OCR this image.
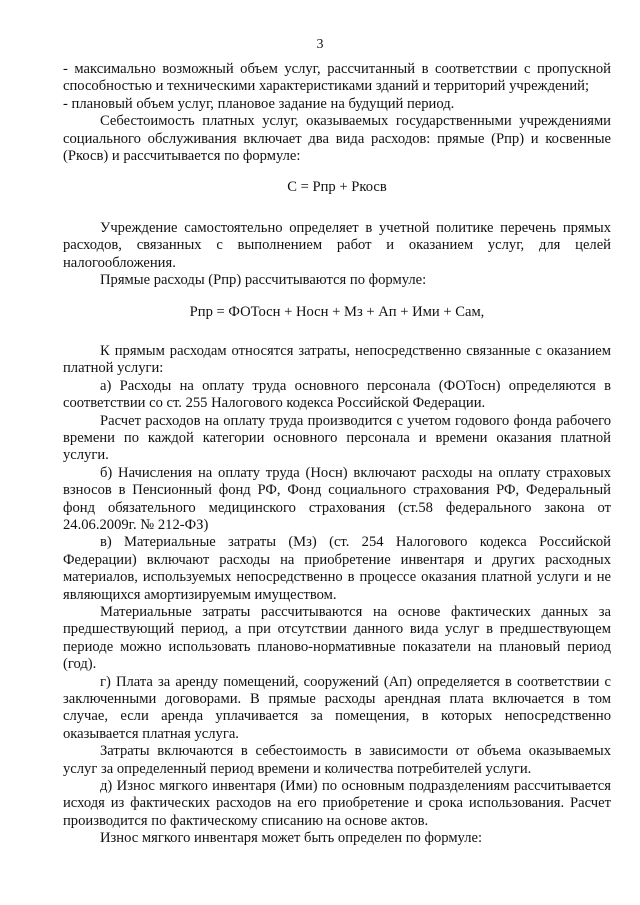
3

- максимально возможный объем услуг, рассчитанный в соответствии с пропускной способностью и техническими характеристиками зданий и территорий учреждений;

- плановый объем услуг, плановое задание на будущий период.

Себестоимость платных услуг, оказываемых государственными учреждениями социального обслуживания включает два вида расходов: прямые (Рпр) и косвенные (Ркосв) и рассчитывается по формуле:

С = Рпр + Ркосв

Учреждение самостоятельно определяет в учетной политике перечень прямых расходов, связанных с выполнением работ и оказанием услуг, для целей налогообложения.

Прямые расходы (Рпр) рассчитываются по формуле:

Рпр = ФОТосн + Носн + Мз + Ап + Ими + Сам,

К прямым расходам относятся затраты, непосредственно связанные с оказанием платной услуги:

а) Расходы на оплату труда основного персонала (ФОТосн) определяются в соответствии со ст. 255 Налогового кодекса Российской Федерации.

Расчет расходов на оплату труда производится с учетом годового фонда рабочего времени по каждой категории основного персонала и времени оказания платной услуги.

б) Начисления на оплату труда (Носн) включают расходы на оплату страховых взносов в Пенсионный фонд РФ, Фонд социального страхования РФ, Федеральный фонд обязательного медицинского страхования (ст.58 федерального закона от 24.06.2009г. № 212-ФЗ)

в) Материальные затраты (Мз) (ст. 254 Налогового кодекса Российской Федерации) включают расходы на приобретение инвентаря и других расходных материалов, используемых непосредственно в процессе оказания платной услуги и не являющихся амортизируемым имуществом.

Материальные затраты рассчитываются на основе фактических данных за предшествующий период, а при отсутствии данного вида услуг в предшествующем периоде можно использовать планово-нормативные показатели на плановый период (год).

г) Плата за аренду помещений, сооружений (Ап) определяется в соответствии с заключенными договорами. В прямые расходы арендная плата включается в том случае, если аренда уплачивается за помещения, в которых непосредственно оказывается платная услуга.

Затраты включаются в себестоимость в зависимости от объема оказываемых услуг за определенный период времени и количества потребителей услуги.

д) Износ мягкого инвентаря (Ими) по основным подразделениям рассчитывается исходя из фактических расходов на его приобретение и срока использования. Расчет производится по фактическому списанию на основе актов.

Износ мягкого инвентаря может быть определен по формуле:
